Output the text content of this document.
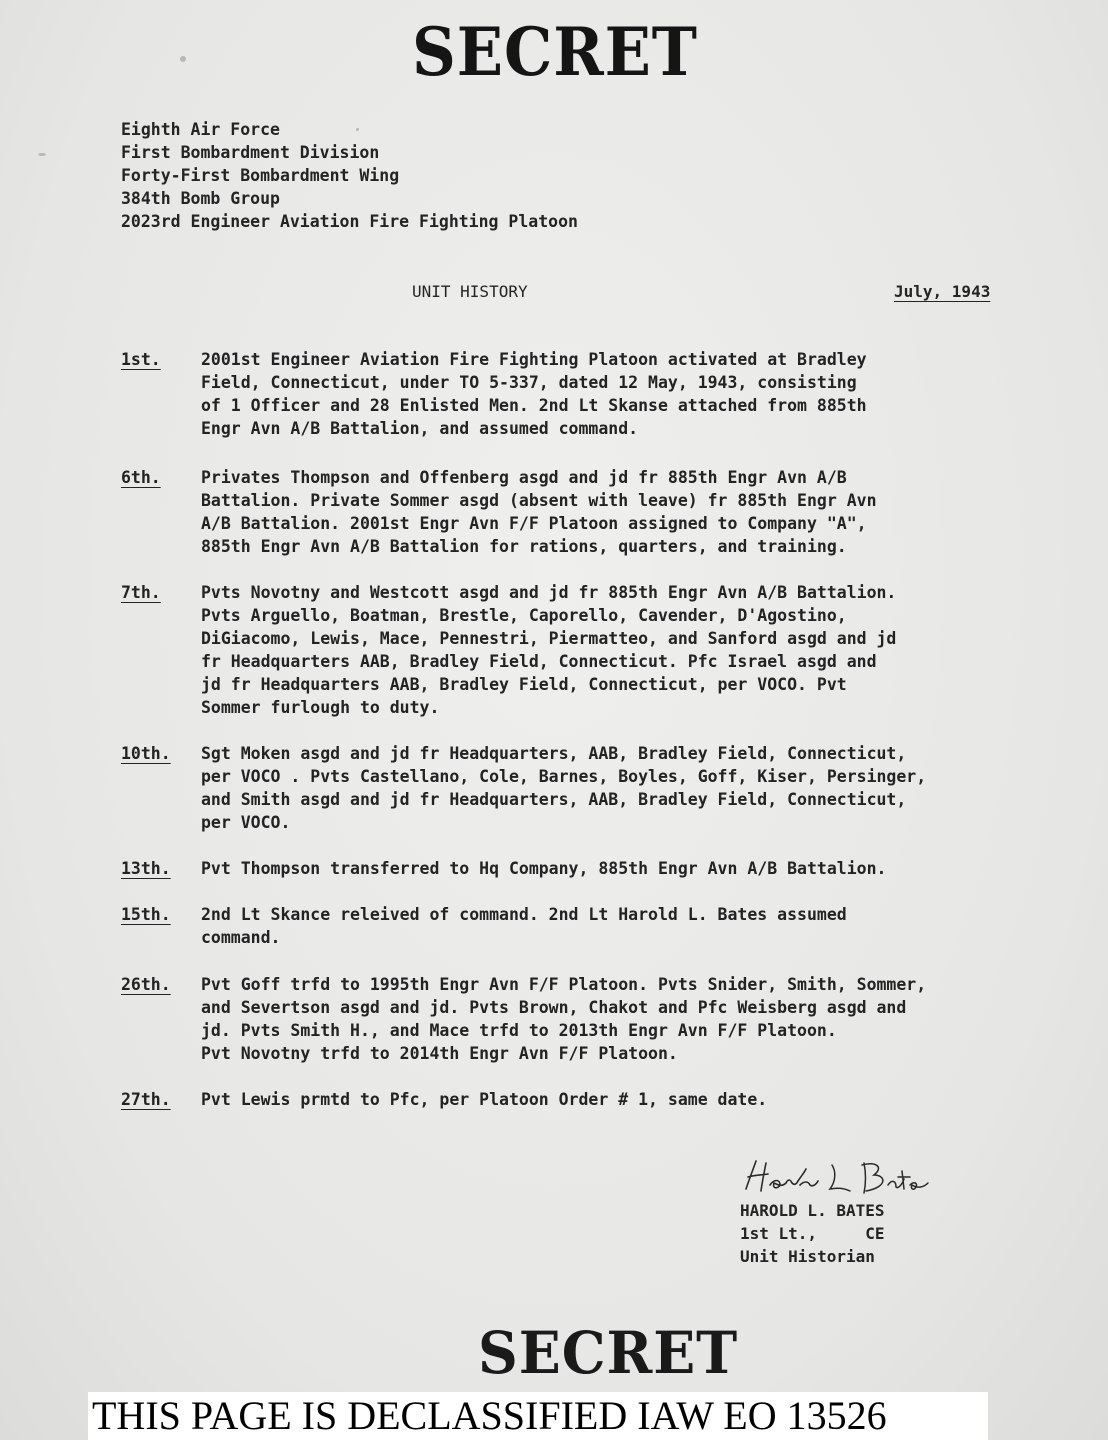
SECRET
Eighth Air Force
First Bombardment Division
Forty-First Bombardment Wing
384th Bomb Group
2023rd Engineer Aviation Fire Fighting Platoon
UNIT HISTORY	July, 1943
1st.	2001st Engineer Aviation Fire Fighting Platoon activated at Bradley
Field, Connecticut, under TO 5-337, dated 12 May, 1943, consisting
of 1 Officer and 28 Enlisted Men. 2nd Lt Skanse attached from 885th
Engr Avn A/B Battalion, and assumed command.
6th.	Privates Thompson and Offenberg asgd and jd fr 885th Engr Avn A/B
Battalion. Private Sommer asgd (absent with leave) fr 885th Engr Avn
A/B Battalion. 2001st Engr Avn F/F Platoon assigned to Company "A",
885th Engr Avn A/B Battalion for rations, quarters, and training.
7th.	Pvts Novotny and Westcott asgd and jd fr 885th Engr Avn A/B Battalion.
Pvts Arguello, Boatman, Brestle, Caporello, Cavender, D'Agostino,
DiGiacomo, Lewis, Mace, Pennestri, Piermatteo, and Sanford asgd and jd
fr Headquarters AAB, Bradley Field, Connecticut. Pfc Israel asgd and
jd fr Headquarters AAB, Bradley Field, Connecticut, per VOCO. Pvt
Sommer furlough to duty.
10th.	Sgt Moken asgd and jd fr Headquarters, AAB, Bradley Field, Connecticut,
per VOCO . Pvts Castellano, Cole, Barnes, Boyles, Goff, Kiser, Persinger,
and Smith asgd and jd fr Headquarters, AAB, Bradley Field, Connecticut,
per VOCO.
13th.	Pvt Thompson transferred to Hq Company, 885th Engr Avn A/B Battalion.
15th.	2nd Lt Skance releived of command. 2nd Lt Harold L. Bates assumed
command.
26th.	Pvt Goff trfd to 1995th Engr Avn F/F Platoon. Pvts Snider, Smith, Sommer,
and Severtson asgd and jd. Pvts Brown, Chakot and Pfc Weisberg asgd and
jd. Pvts Smith H., and Mace trfd to 2013th Engr Avn F/F Platoon.
Pvt Novotny trfd to 2014th Engr Avn F/F Platoon.
27th.	Pvt Lewis prmtd to Pfc, per Platoon Order # 1, same date.
HAROLD L. BATES
1st Lt.,     CE
Unit Historian
SECRET
THIS PAGE IS DECLASSIFIED IAW EO 13526
